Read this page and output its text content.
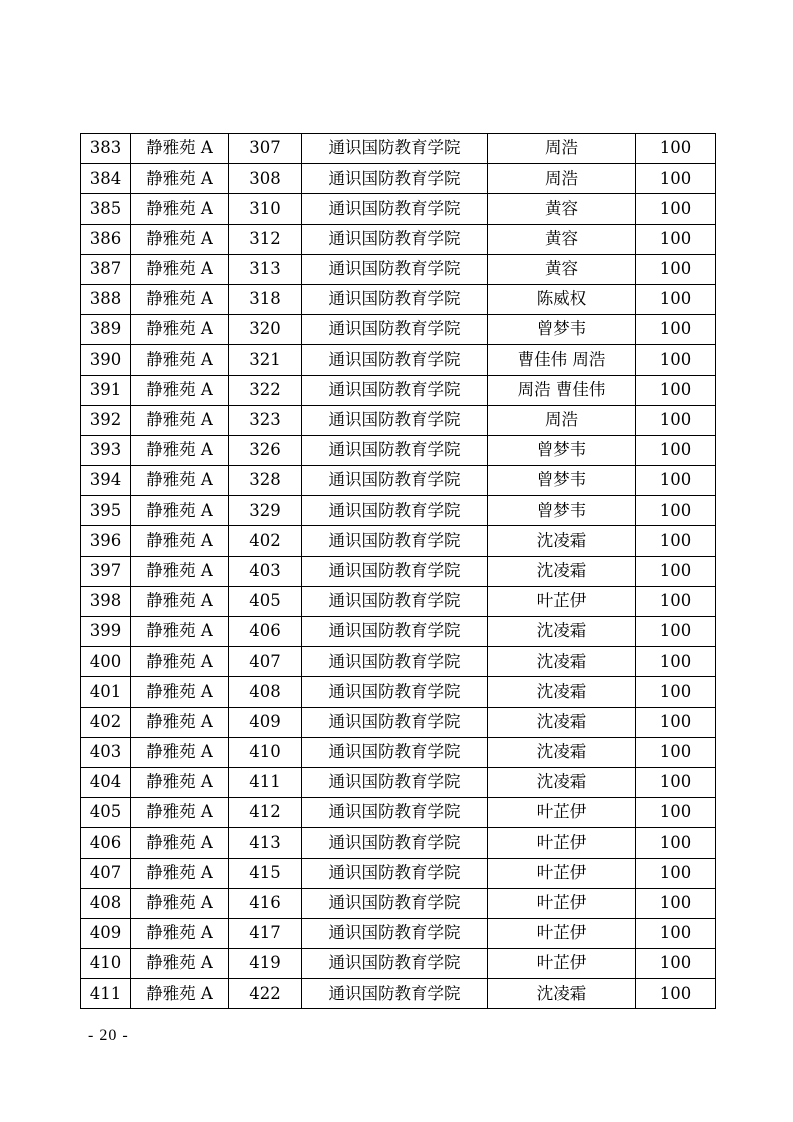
383	静雅苑 A	307	通识国防教育学院	周浩	100
384	静雅苑 A	308	通识国防教育学院	周浩	100
385	静雅苑 A	310	通识国防教育学院	黄容	100
386	静雅苑 A	312	通识国防教育学院	黄容	100
387	静雅苑 A	313	通识国防教育学院	黄容	100
388	静雅苑 A	318	通识国防教育学院	陈威权	100
389	静雅苑 A	320	通识国防教育学院	曾梦韦	100
390	静雅苑 A	321	通识国防教育学院	曹佳伟 周浩	100
391	静雅苑 A	322	通识国防教育学院	周浩 曹佳伟	100
392	静雅苑 A	323	通识国防教育学院	周浩	100
393	静雅苑 A	326	通识国防教育学院	曾梦韦	100
394	静雅苑 A	328	通识国防教育学院	曾梦韦	100
395	静雅苑 A	329	通识国防教育学院	曾梦韦	100
396	静雅苑 A	402	通识国防教育学院	沈凌霜	100
397	静雅苑 A	403	通识国防教育学院	沈凌霜	100
398	静雅苑 A	405	通识国防教育学院	叶芷伊	100
399	静雅苑 A	406	通识国防教育学院	沈凌霜	100
400	静雅苑 A	407	通识国防教育学院	沈凌霜	100
401	静雅苑 A	408	通识国防教育学院	沈凌霜	100
402	静雅苑 A	409	通识国防教育学院	沈凌霜	100
403	静雅苑 A	410	通识国防教育学院	沈凌霜	100
404	静雅苑 A	411	通识国防教育学院	沈凌霜	100
405	静雅苑 A	412	通识国防教育学院	叶芷伊	100
406	静雅苑 A	413	通识国防教育学院	叶芷伊	100
407	静雅苑 A	415	通识国防教育学院	叶芷伊	100
408	静雅苑 A	416	通识国防教育学院	叶芷伊	100
409	静雅苑 A	417	通识国防教育学院	叶芷伊	100
410	静雅苑 A	419	通识国防教育学院	叶芷伊	100
411	静雅苑 A	422	通识国防教育学院	沈凌霜	100
- 20 -
